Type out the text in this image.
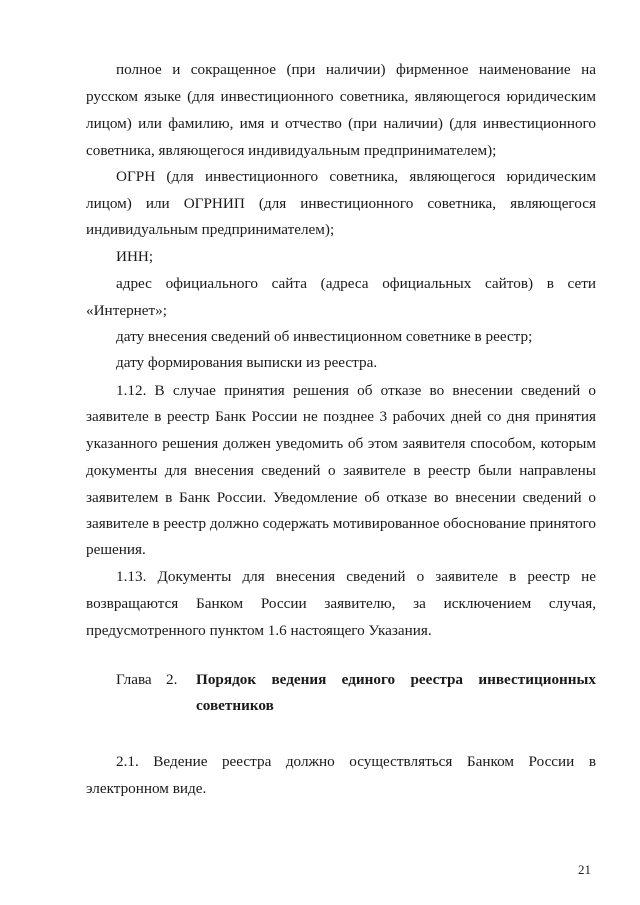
полное и сокращенное (при наличии) фирменное наименование на
русском языке (для инвестиционного советника, являющегося юридическим
лицом) или фамилию, имя и отчество (при наличии) (для инвестиционного
советника, являющегося индивидуальным предпринимателем);
ОГРН (для инвестиционного советника, являющегося юридическим
лицом) или ОГРНИП (для инвестиционного советника, являющегося
индивидуальным предпринимателем);
ИНН;
адрес официального сайта (адреса официальных сайтов) в сети
«Интернет»;
дату внесения сведений об инвестиционном советнике в реестр;
дату формирования выписки из реестра.
1.12. В случае принятия решения об отказе во внесении сведений о
заявителе в реестр Банк России не позднее 3 рабочих дней со дня принятия
указанного решения должен уведомить об этом заявителя способом, которым
документы для внесения сведений о заявителе в реестр были направлены
заявителем в Банк России. Уведомление об отказе во внесении сведений о
заявителе в реестр должно содержать мотивированное обоснование принятого
решения.
1.13. Документы для внесения сведений о заявителе в реестр не
возвращаются Банком России заявителю, за исключением случая,
предусмотренного пунктом 1.6 настоящего Указания.
Глава 2. Порядок ведения единого реестра инвестиционных
советников
2.1. Ведение реестра должно осуществляться Банком России в
электронном виде.
21
